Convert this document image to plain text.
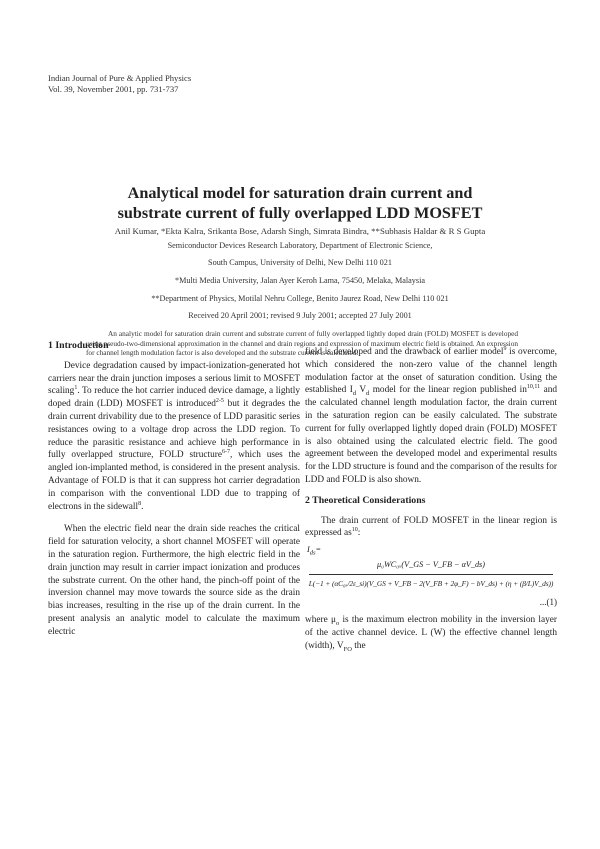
Indian Journal of Pure & Applied Physics
Vol. 39, November 2001, pp. 731-737
Analytical model for saturation drain current and
substrate current of fully overlapped LDD MOSFET
Anil Kumar, *Ekta Kalra, Srikanta Bose, Adarsh Singh, Simrata Bindra, **Subhasis Haldar & R S Gupta
Semiconductor Devices Research Laboratory, Department of Electronic Science,
South Campus, University of Delhi, New Delhi 110 021
*Multi Media University, Jalan Ayer Keroh Lama, 75450, Melaka, Malaysia
**Department of Physics, Motilal Nehru College, Benito Jaurez Road, New Delhi 110 021
Received 20 April 2001; revised 9 July 2001; accepted 27 July 2001
An analytic model for saturation drain current and substrate current of fully overlapped lightly doped drain (FOLD) MOSFET is developed using pseudo-two-dimensional approximation in the channel and drain regions and expression of maximum electric field is obtained. An expression for channel length modulation factor is also developed and the substrate current is calculated.
1 Introduction

Device degradation caused by impact-ionization-generated hot carriers near the drain junction imposes a serious limit to MOSFET scaling$^1$. To reduce the hot carrier induced device damage, a lightly doped drain (LDD) MOSFET is introduced$^{2-5}$ but it degrades the drain current drivability due to the presence of LDD parasitic series resistances owing to a voltage drop across the LDD region. To reduce the parasitic resistance and achieve high performance in fully overlapped structure, FOLD structure$^{6-7}$, which uses the angled ion-implanted method, is considered in the present analysis. Advantage of FOLD is that it can suppress hot carrier degradation in comparison with the conventional LDD due to trapping of electrons in the sidewall$^8$.

When the electric field near the drain side reaches the critical field for saturation velocity, a short channel MOSFET will operate in the saturation region. Furthermore, the high electric field in the drain junction may result in carrier impact ionization and produces the substrate current. On the other hand, the pinch-off point of the inversion channel may move towards the source side as the drain bias increases, resulting in the rise up of the drain current. In the present analysis an analytic model to calculate the maximum electric

field is developed and the drawback of earlier model$^9$ is overcome, which considered the non-zero value of the channel length modulation factor at the onset of saturation condition. Using the established $I_d$ $V_d$ model for the linear region published in$^{10,11}$ and the calculated channel length modulation factor, the drain current in the saturation region can be easily calculated. The substrate current for fully overlapped lightly doped drain (FOLD) MOSFET is also obtained using the calculated electric field. The good agreement between the developed model and experimental results for the LDD structure is found and the comparison of the results for LDD and FOLD is also shown.

2 Theoretical Considerations

The drain current of FOLD MOSFET in the linear region is expressed $as^{10}$:

$I_{ds}=$
μ₀WC₀ₓ(V_GS − V_FB − αV_ds)
L(−1 + (αC₀ₓ/2ε_si)(V_GS + V_FB − 2(V_FB + 2φ_F) − bV_ds) + (η + (β/L)V_ds))
...(1)

where $\mu_o$ is the maximum electron mobility in the inversion layer of the active channel device. L (W) the effective channel length (width), $V_{FO}$ the
